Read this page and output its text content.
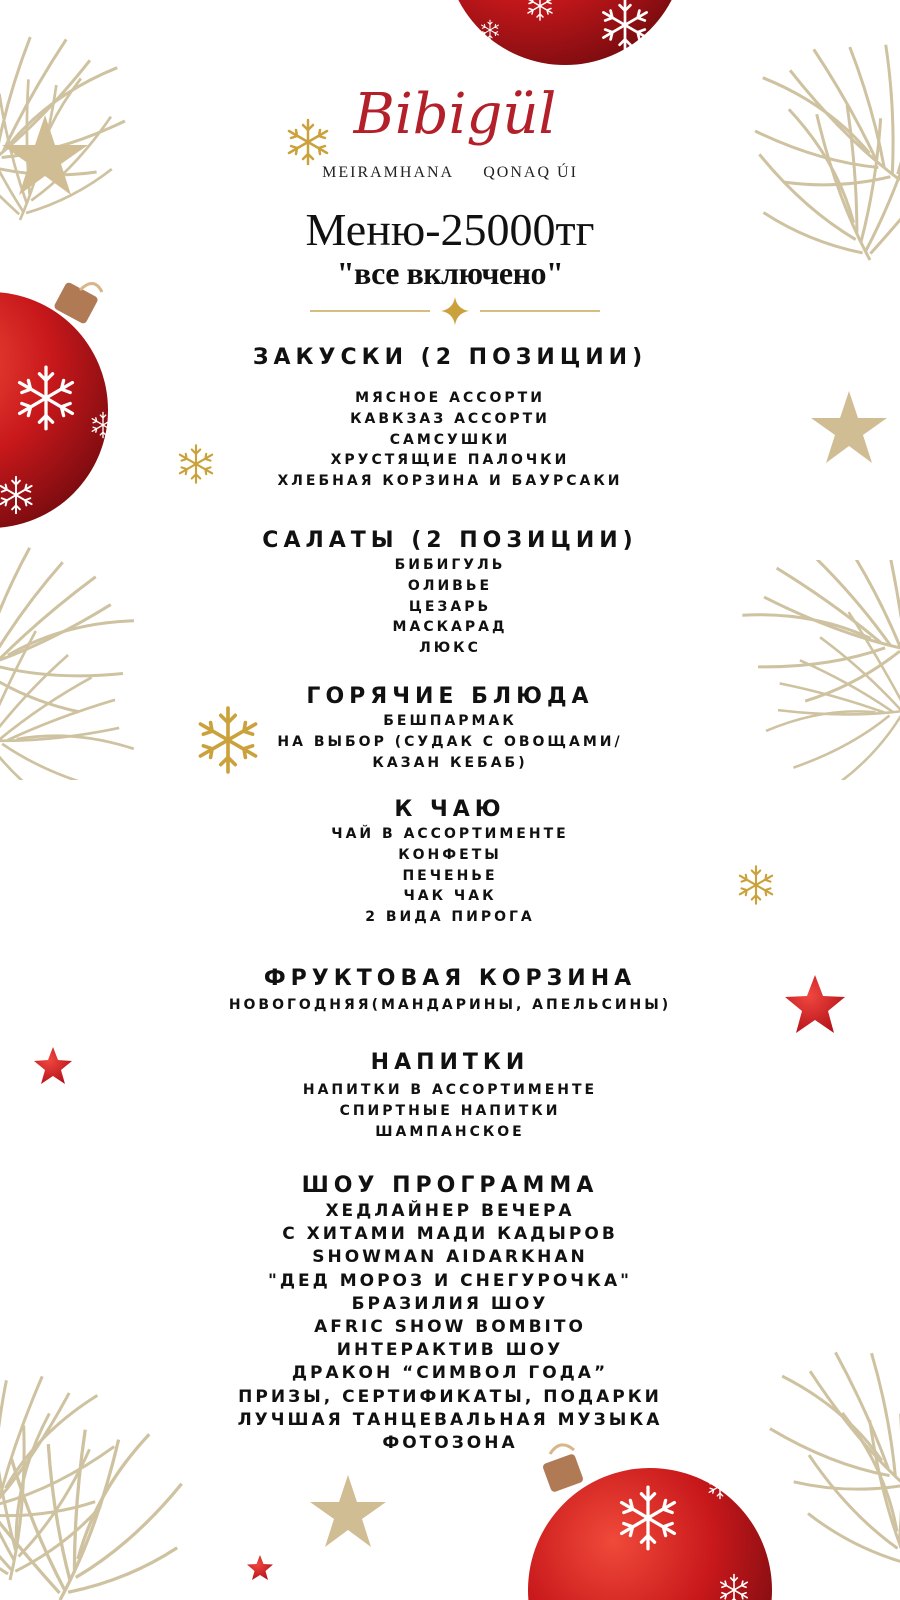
Bibigül
MEIRAMHANA QONAQ ÚI
Меню-25000тг
"все включено"
ЗАКУСКИ (2 ПОЗИЦИИ)
МЯСНОЕ АССОРТИ
КАВКЗАЗ АССОРТИ
САМСУШКИ
ХРУСТЯЩИЕ ПАЛОЧКИ
ХЛЕБНАЯ КОРЗИНА И БАУРСАКИ
САЛАТЫ (2 ПОЗИЦИИ)
БИБИГУЛЬ
ОЛИВЬЕ
ЦЕЗАРЬ
МАСКАРАД
ЛЮКС
ГОРЯЧИЕ БЛЮДА
БЕШПАРМАК
НА ВЫБОР (СУДАК С ОВОЩАМИ/
КАЗАН КЕБАБ)
К ЧАЮ
ЧАЙ В АССОРТИМЕНТЕ
КОНФЕТЫ
ПЕЧЕНЬЕ
ЧАК ЧАК
2 ВИДА ПИРОГА
ФРУКТОВАЯ КОРЗИНА
НОВОГОДНЯЯ(МАНДАРИНЫ, АПЕЛЬСИНЫ)
НАПИТКИ
НАПИТКИ В АССОРТИМЕНТЕ
СПИРТНЫЕ НАПИТКИ
ШАМПАНСКОЕ
ШОУ ПРОГРАММА
ХЕДЛАЙНЕР ВЕЧЕРА
С ХИТАМИ МАДИ КАДЫРОВ
SHOWMAN AIDARKHAN
"ДЕД МОРОЗ И СНЕГУРОЧКА"
БРАЗИЛИЯ ШОУ
AFRIC SHOW BOMBITO
ИНТЕРАКТИВ ШОУ
ДРАКОН “СИМВОЛ ГОДА”
ПРИЗЫ, СЕРТИФИКАТЫ, ПОДАРКИ
ЛУЧШАЯ ТАНЦЕВАЛЬНАЯ МУЗЫКА
ФОТОЗОНА
